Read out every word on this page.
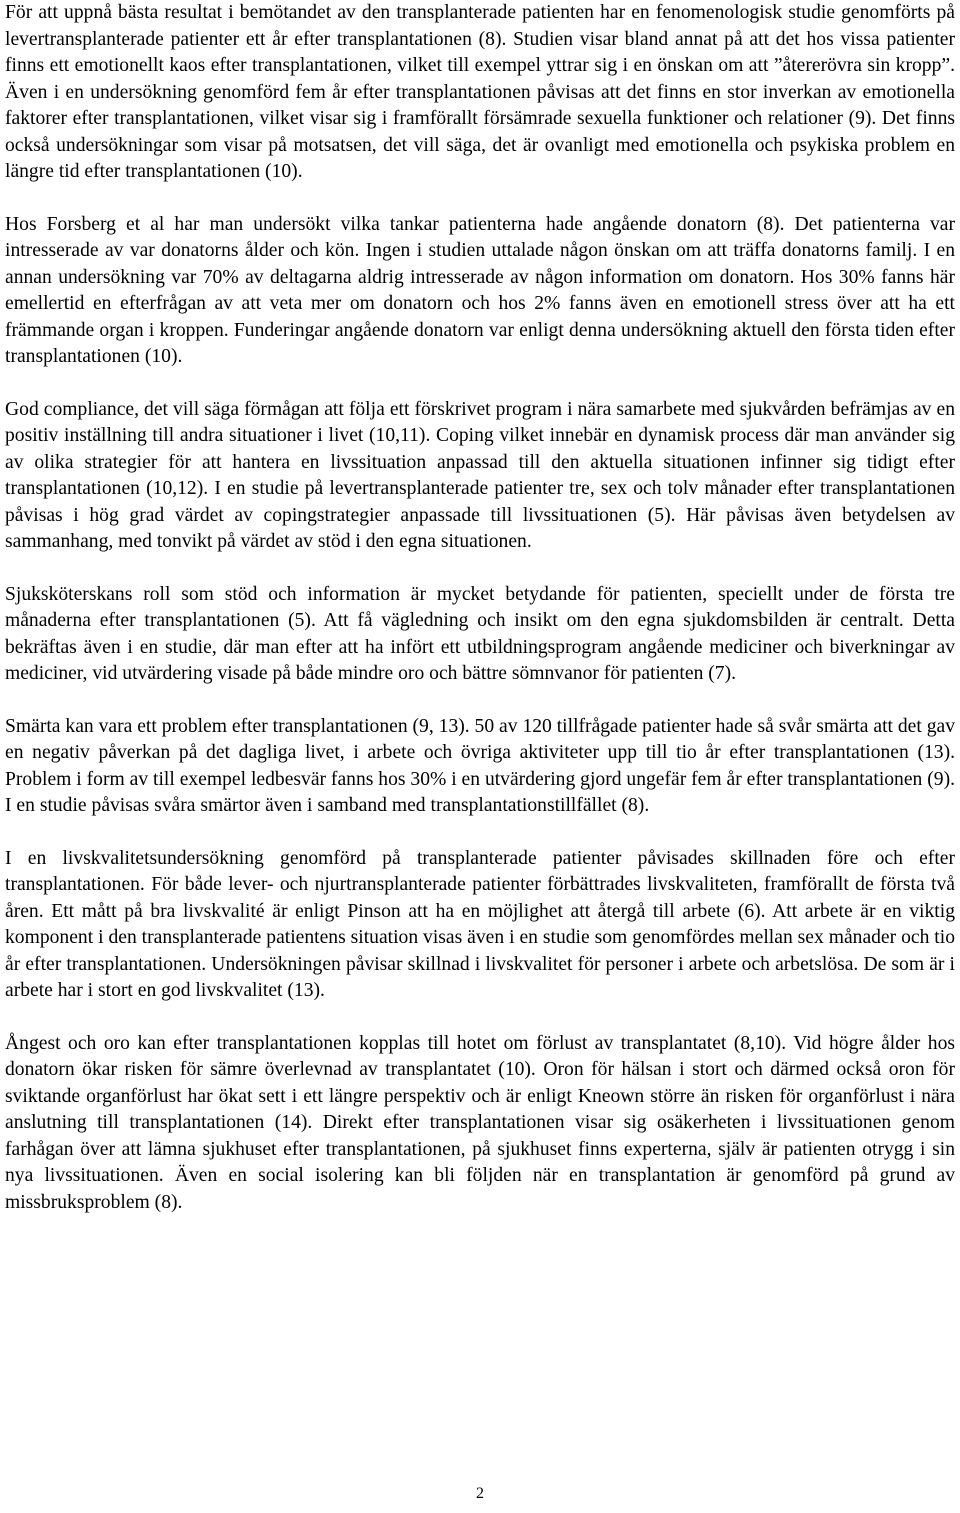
För att uppnå bästa resultat i bemötandet av den transplanterade patienten har en fenomenologisk studie genomförts på levertransplanterade patienter ett år efter transplantationen (8). Studien visar bland annat på att det hos vissa patienter finns ett emotionellt kaos efter transplantationen, vilket till exempel yttrar sig i en önskan om att ”återerövra sin kropp”. Även i en undersökning genomförd fem år efter transplantationen påvisas att det finns en stor inverkan av emotionella faktorer efter transplantationen, vilket visar sig i framförallt försämrade sexuella funktioner och relationer (9). Det finns också undersökningar som visar på motsatsen, det vill säga, det är ovanligt med emotionella och psykiska problem en längre tid efter transplantationen (10).

Hos Forsberg et al har man undersökt vilka tankar patienterna hade angående donatorn (8). Det patienterna var intresserade av var donatorns ålder och kön. Ingen i studien uttalade någon önskan om att träffa donatorns familj. I en annan undersökning var 70% av deltagarna aldrig intresserade av någon information om donatorn. Hos 30% fanns här emellertid en efterfrågan av att veta mer om donatorn och hos 2% fanns även en emotionell stress över att ha ett främmande organ i kroppen. Funderingar angående donatorn var enligt denna undersökning aktuell den första tiden efter transplantationen (10).

God compliance, det vill säga förmågan att följa ett förskrivet program i nära samarbete med sjukvården befrämjas av en positiv inställning till andra situationer i livet (10,11). Coping vilket innebär en dynamisk process där man använder sig av olika strategier för att hantera en livssituation anpassad till den aktuella situationen infinner sig tidigt efter transplantationen (10,12). I en studie på levertransplanterade patienter tre, sex och tolv månader efter transplantationen påvisas i hög grad värdet av copingstrategier anpassade till livssituationen (5). Här påvisas även betydelsen av sammanhang, med tonvikt på värdet av stöd i den egna situationen.

Sjuksköterskans roll som stöd och information är mycket betydande för patienten, speciellt under de första tre månaderna efter transplantationen (5). Att få vägledning och insikt om den egna sjukdomsbilden är centralt. Detta bekräftas även i en studie, där man efter att ha infört ett utbildningsprogram angående mediciner och biverkningar av mediciner, vid utvärdering visade på både mindre oro och bättre sömnvanor för patienten (7).

Smärta kan vara ett problem efter transplantationen (9, 13). 50 av 120 tillfrågade patienter hade så svår smärta att det gav en negativ påverkan på det dagliga livet, i arbete och övriga aktiviteter upp till tio år efter transplantationen (13). Problem i form av till exempel ledbesvär fanns hos 30% i en utvärdering gjord ungefär fem år efter transplantationen (9). I en studie påvisas svåra smärtor även i samband med transplantationstillfället (8).

I en livskvalitetsundersökning genomförd på transplanterade patienter påvisades skillnaden före och efter transplantationen. För både lever- och njurtransplanterade patienter förbättrades livskvaliteten, framförallt de första två åren. Ett mått på bra livskvalité är enligt Pinson att ha en möjlighet att återgå till arbete (6). Att arbete är en viktig komponent i den transplanterade patientens situation visas även i en studie som genomfördes mellan sex månader och tio år efter transplantationen. Undersökningen påvisar skillnad i livskvalitet för personer i arbete och arbetslösa. De som är i arbete har i stort en god livskvalitet (13).

Ångest och oro kan efter transplantationen kopplas till hotet om förlust av transplantatet (8,10). Vid högre ålder hos donatorn ökar risken för sämre överlevnad av transplantatet (10). Oron för hälsan i stort och därmed också oron för sviktande organförlust har ökat sett i ett längre perspektiv och är enligt Kneown större än risken för organförlust i nära anslutning till transplantationen (14). Direkt efter transplantationen visar sig osäkerheten i livssituationen genom farhågan över att lämna sjukhuset efter transplantationen, på sjukhuset finns experterna, själv är patienten otrygg i sin nya livssituationen. Även en social isolering kan bli följden när en transplantation är genomförd på grund av missbruksproblem (8).

2
